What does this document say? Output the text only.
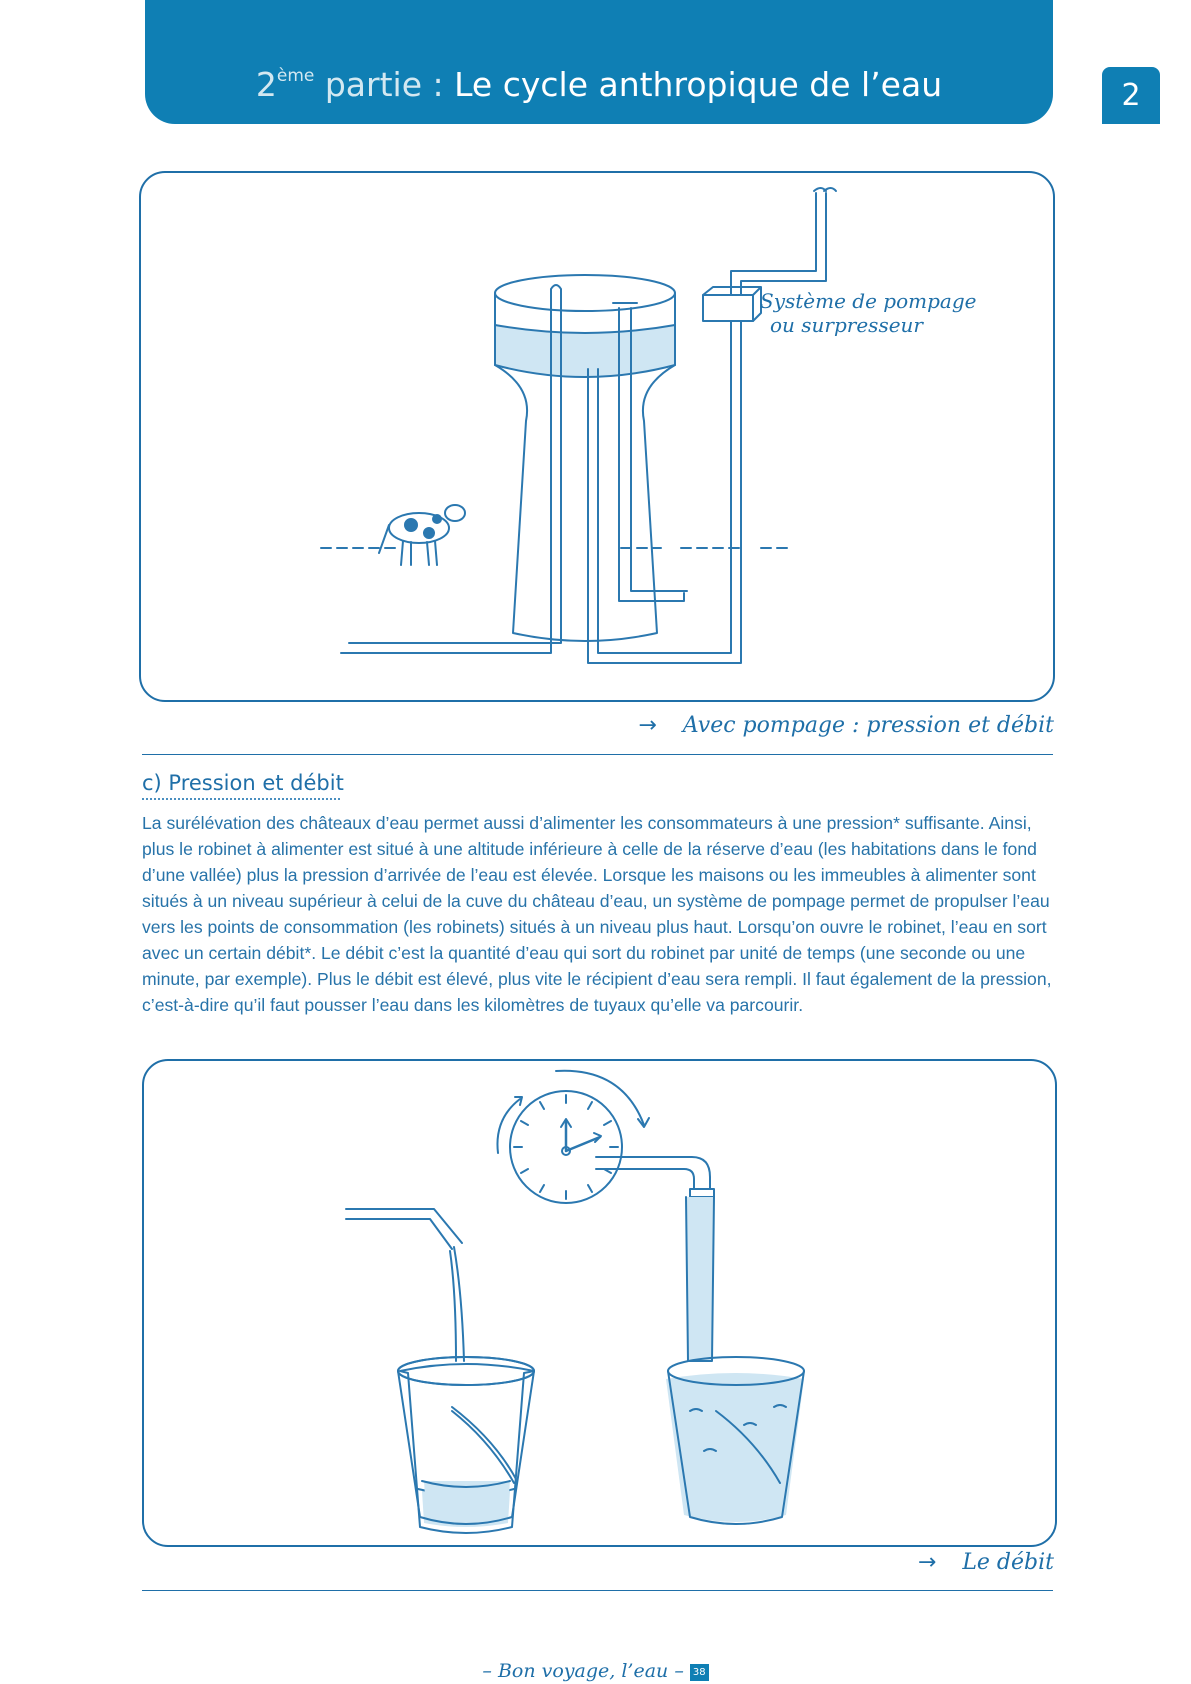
2ème partie : Le cycle anthropique de l’eau	2
Système de pompage
ou surpresseur
→ Avec pompage : pression et débit
c) Pression et débit

La surélévation des châteaux d’eau permet aussi d’alimenter les consommateurs à une pression* suffisante. Ainsi, plus le robinet à alimenter est situé à une altitude inférieure à celle de la réserve d’eau (les habitations dans le fond d’une vallée) plus la pression d’arrivée de l’eau est élevée. Lorsque les maisons ou les immeubles à alimenter sont situés à un niveau supérieur à celui de la cuve du château d’eau, un système de pompage permet de propulser l’eau vers les points de consommation (les robinets) situés à un niveau plus haut. Lorsqu’on ouvre le robinet, l’eau en sort avec un certain débit*. Le débit c’est la quantité d’eau qui sort du robinet par unité de temps (une seconde ou une minute, par exemple). Plus le débit est élevé, plus vite le récipient d’eau sera rempli. Il faut également de la pression, c’est-à-dire qu’il faut pousser l’eau dans les kilomètres de tuyaux qu’elle va parcourir.

→ Le débit
– Bon voyage, l’eau – 38
